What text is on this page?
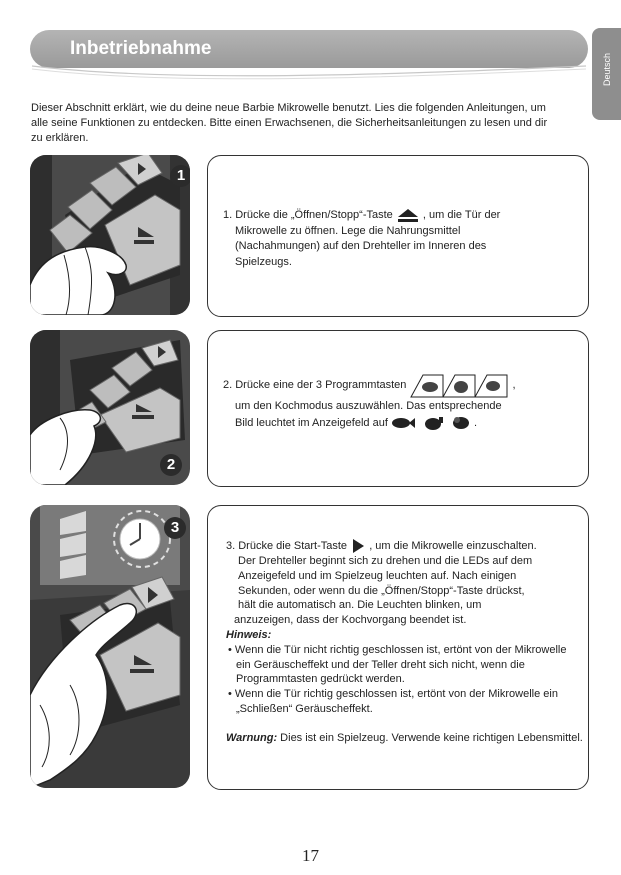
Deutsch
Inbetriebnahme

Dieser Abschnitt erklärt, wie du deine neue Barbie Mikrowelle benutzt. Lies die folgenden Anleitungen, um alle seine Funktionen zu entdecken. Bitte einen Erwachsenen, die Sicherheitsanleitungen zu lesen und dir zu erklären.

1
1. Drücke die „Öffnen/Stopp“-Taste	, um die Tür der
Mikrowelle zu öffnen. Lege die Nahrungsmittel
(Nachahmungen) auf den Drehteller im Inneren des
Spielzeugs.
2
2. Drücke eine der 3 Programmtasten	,
um den Kochmodus auszuwählen. Das entsprechende
Bild leuchtet im Anzeigefeld auf	.
3
3. Drücke die Start-Taste , um die Mikrowelle einzuschalten.
Der Drehteller beginnt sich zu drehen und die LEDs auf dem
Anzeigefeld und im Spielzeug leuchten auf. Nach einigen
Sekunden, oder wenn du die „Öffnen/Stopp“-Taste drückst,
hält die automatisch an. Die Leuchten blinken, um
anzuzeigen, dass der Kochvorgang beendet ist.
Hinweis:
• Wenn die Tür nicht richtig geschlossen ist, ertönt von der Mikrowelle ein Geräuscheffekt und der Teller dreht sich nicht, wenn die Programmtasten gedrückt werden.
• Wenn die Tür richtig geschlossen ist, ertönt von der Mikrowelle ein „Schließen“ Geräuscheffekt.
Warnung: Dies ist ein Spielzeug. Verwende keine richtigen Lebensmittel.
17
